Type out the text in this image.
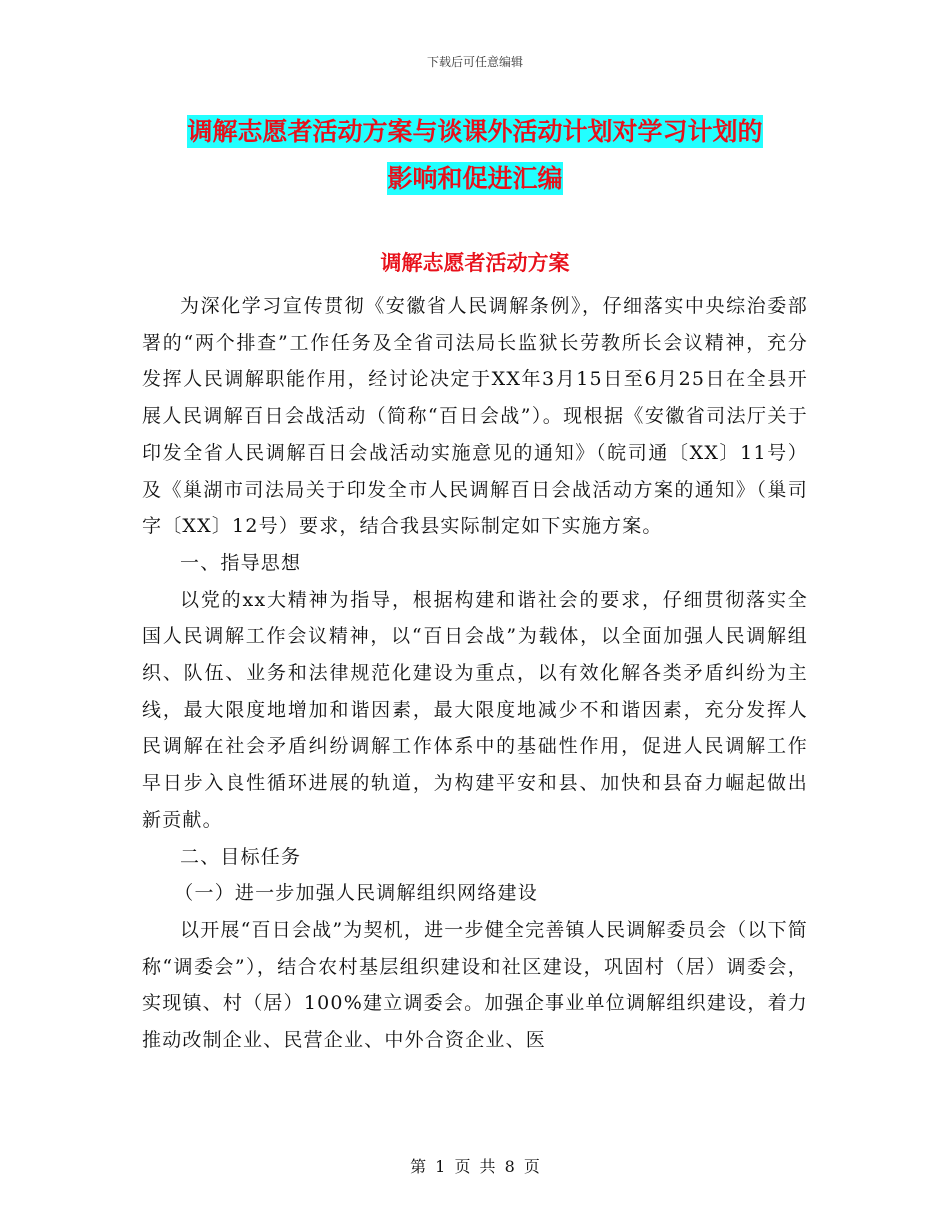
下载后可任意编辑
调解志愿者活动方案与谈课外活动计划对学习计划的
影响和促进汇编
调解志愿者活动方案

为深化学习宣传贯彻《安徽省人民调解条例》，仔细落实中央综治委部署的“两个排查”工作任务及全省司法局长监狱长劳教所长会议精神，充分发挥人民调解职能作用，经讨论决定于XX年3月15日至6月25日在全县开展人民调解百日会战活动（简称“百日会战”）。现根据《安徽省司法厅关于印发全省人民调解百日会战活动实施意见的通知》（皖司通〔XX〕11号）及《巢湖市司法局关于印发全市人民调解百日会战活动方案的通知》（巢司字〔XX〕12号）要求，结合我县实际制定如下实施方案。

一、指导思想

以党的xx大精神为指导，根据构建和谐社会的要求，仔细贯彻落实全国人民调解工作会议精神，以“百日会战”为载体，以全面加强人民调解组织、队伍、业务和法律规范化建设为重点，以有效化解各类矛盾纠纷为主线，最大限度地增加和谐因素，最大限度地减少不和谐因素，充分发挥人民调解在社会矛盾纠纷调解工作体系中的基础性作用，促进人民调解工作早日步入良性循环进展的轨道，为构建平安和县、加快和县奋力崛起做出新贡献。

二、目标任务

（一）进一步加强人民调解组织网络建设

以开展“百日会战”为契机，进一步健全完善镇人民调解委员会（以下简称“调委会”），结合农村基层组织建设和社区建设，巩固村（居）调委会，实现镇、村（居）100%建立调委会。加强企事业单位调解组织建设，着力推动改制企业、民营企业、中外合资企业、医

第 1 页 共 8 页
